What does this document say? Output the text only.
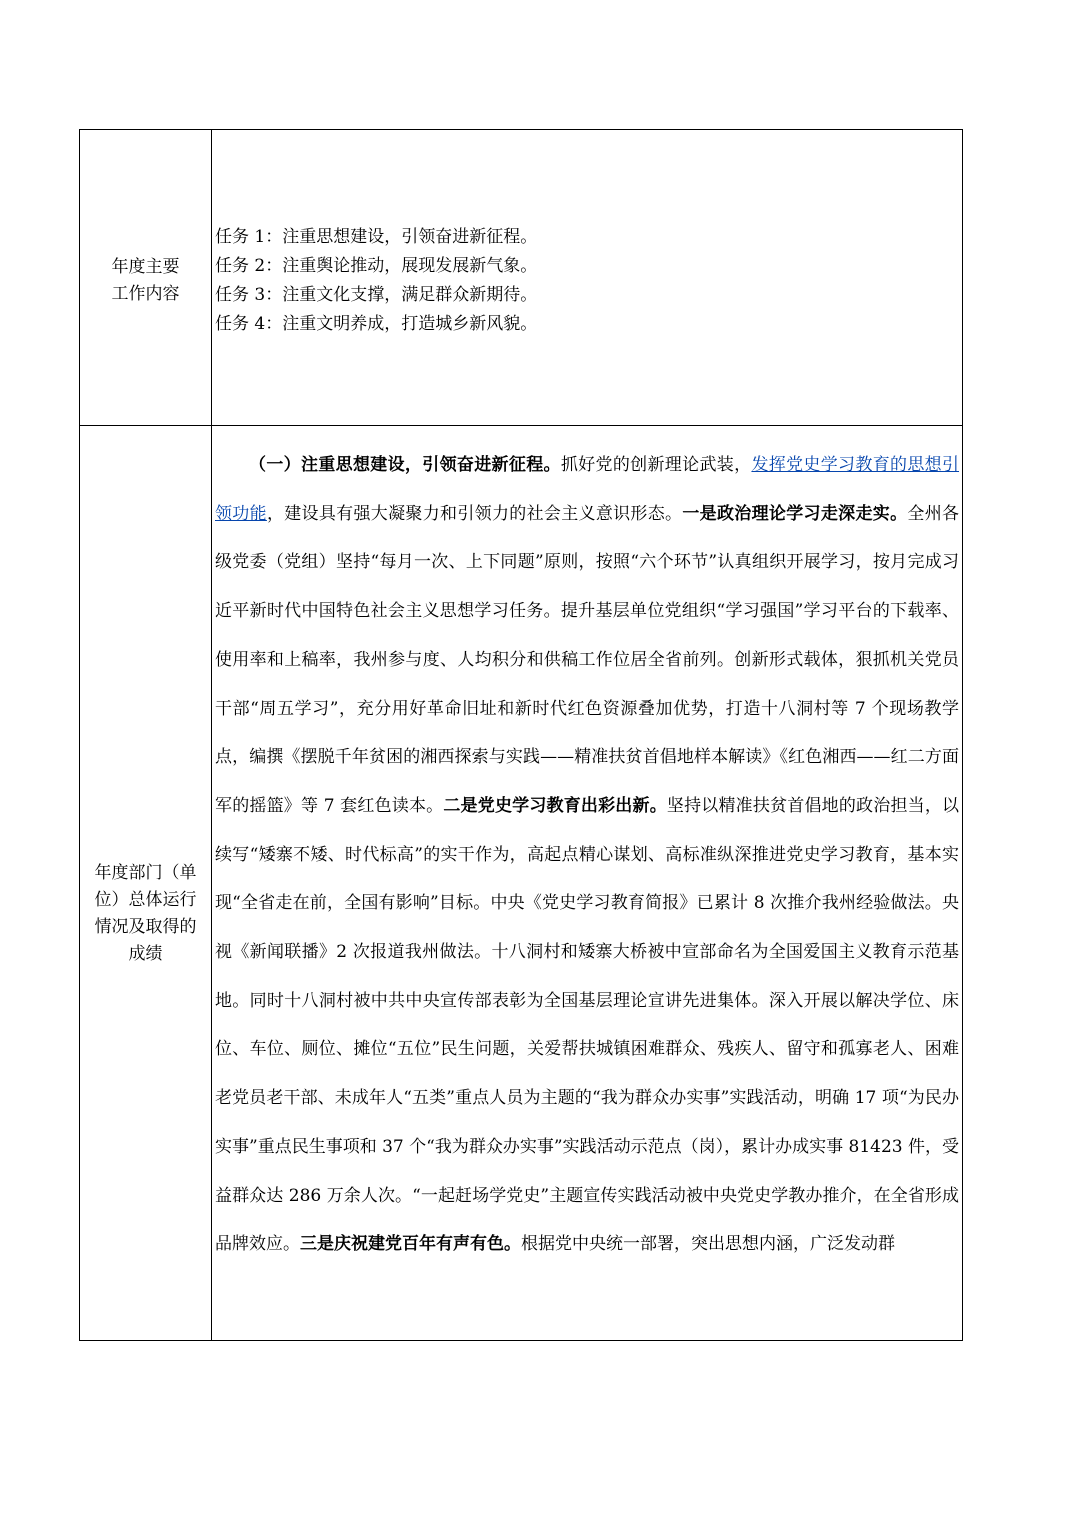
年度主要
工作内容
任务 1：注重思想建设，引领奋进新征程。
任务 2：注重舆论推动，展现发展新气象。
任务 3：注重文化支撑，满足群众新期待。
任务 4：注重文明养成，打造城乡新风貌。
年度部门（单
位）总体运行
情况及取得的
成绩
（一）注重思想建设，引领奋进新征程。抓好党的创新理论武装，发挥党史学习教育的思想引领功能，建设具有强大凝聚力和引领力的社会主义意识形态。一是政治理论学习走深走实。全州各级党委（党组）坚持“每月一次、上下同题”原则，按照“六个环节”认真组织开展学习，按月完成习近平新时代中国特色社会主义思想学习任务。提升基层单位党组织“学习强国”学习平台的下载率、使用率和上稿率，我州参与度、人均积分和供稿工作位居全省前列。创新形式载体，狠抓机关党员干部“周五学习”，充分用好革命旧址和新时代红色资源叠加优势，打造十八洞村等 7 个现场教学点，编撰《摆脱千年贫困的湘西探索与实践——精准扶贫首倡地样本解读》《红色湘西——红二方面军的摇篮》等 7 套红色读本。二是党史学习教育出彩出新。坚持以精准扶贫首倡地的政治担当，以续写“矮寨不矮、时代标高”的实干作为，高起点精心谋划、高标准纵深推进党史学习教育，基本实现“全省走在前，全国有影响”目标。中央《党史学习教育简报》已累计 8 次推介我州经验做法。央视《新闻联播》2 次报道我州做法。十八洞村和矮寨大桥被中宣部命名为全国爱国主义教育示范基地。同时十八洞村被中共中央宣传部表彰为全国基层理论宣讲先进集体。深入开展以解决学位、床位、车位、厕位、摊位“五位”民生问题，关爱帮扶城镇困难群众、残疾人、留守和孤寡老人、困难老党员老干部、未成年人“五类”重点人员为主题的“我为群众办实事”实践活动，明确 17 项“为民办实事”重点民生事项和 37 个“我为群众办实事”实践活动示范点（岗），累计办成实事 81423 件，受益群众达 286 万余人次。“一起赶场学党史”主题宣传实践活动被中央党史学教办推介，在全省形成品牌效应。三是庆祝建党百年有声有色。根据党中央统一部署，突出思想内涵，广泛发动群
